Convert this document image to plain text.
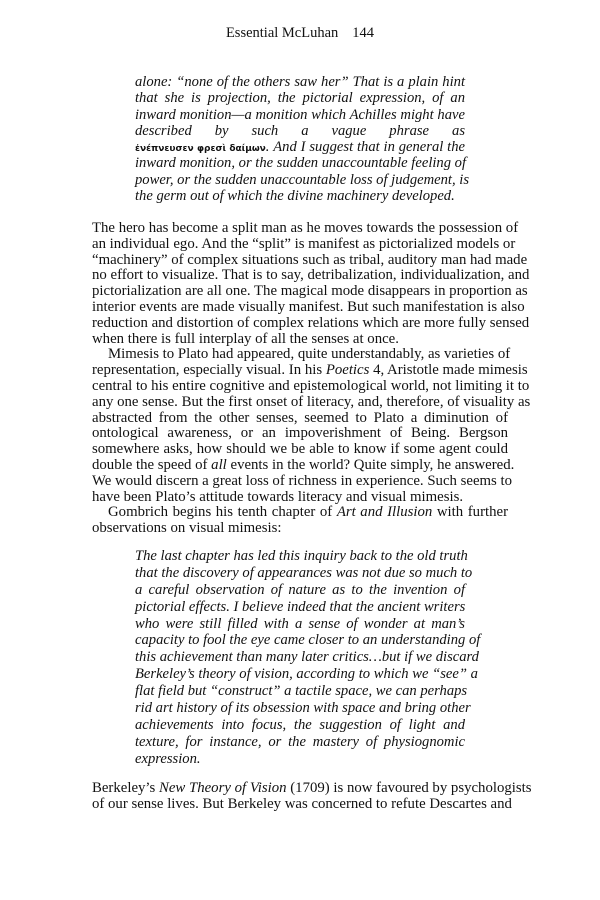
Essential McLuhan 144
alone: “none of the others saw her” That is a plain hint
that she is projection, the pictorial expression, of an
inward monition—a monition which Achilles might have
described by such a vague phrase as
ἐνέπνευσεν φρεσὶ δαίμων. And I suggest that in general the
inward monition, or the sudden unaccountable feeling of
power, or the sudden unaccountable loss of judgement, is
the germ out of which the divine machinery developed.
The hero has become a split man as he moves towards the possession of
an individual ego. And the “split” is manifest as pictorialized models or
“machinery” of complex situations such as tribal, auditory man had made
no effort to visualize. That is to say, detribalization, individualization, and
pictorialization are all one. The magical mode disappears in proportion as
interior events are made visually manifest. But such manifestation is also
reduction and distortion of complex relations which are more fully sensed
when there is full interplay of all the senses at once.
Mimesis to Plato had appeared, quite understandably, as varieties of
representation, especially visual. In his Poetics 4, Aristotle made mimesis
central to his entire cognitive and epistemological world, not limiting it to
any one sense. But the first onset of literacy, and, therefore, of visuality as
abstracted from the other senses, seemed to Plato a diminution of
ontological awareness, or an impoverishment of Being. Bergson
somewhere asks, how should we be able to know if some agent could
double the speed of all events in the world? Quite simply, he answered.
We would discern a great loss of richness in experience. Such seems to
have been Plato’s attitude towards literacy and visual mimesis.
Gombrich begins his tenth chapter of Art and Illusion with further
observations on visual mimesis:
The last chapter has led this inquiry back to the old truth
that the discovery of appearances was not due so much to
a careful observation of nature as to the invention of
pictorial effects. I believe indeed that the ancient writers
who were still filled with a sense of wonder at man’s
capacity to fool the eye came closer to an understanding of
this achievement than many later critics…but if we discard
Berkeley’s theory of vision, according to which we “see” a
flat field but “construct” a tactile space, we can perhaps
rid art history of its obsession with space and bring other
achievements into focus, the suggestion of light and
texture, for instance, or the mastery of physiognomic
expression.
Berkeley’s New Theory of Vision (1709) is now favoured by psychologists
of our sense lives. But Berkeley was concerned to refute Descartes and
